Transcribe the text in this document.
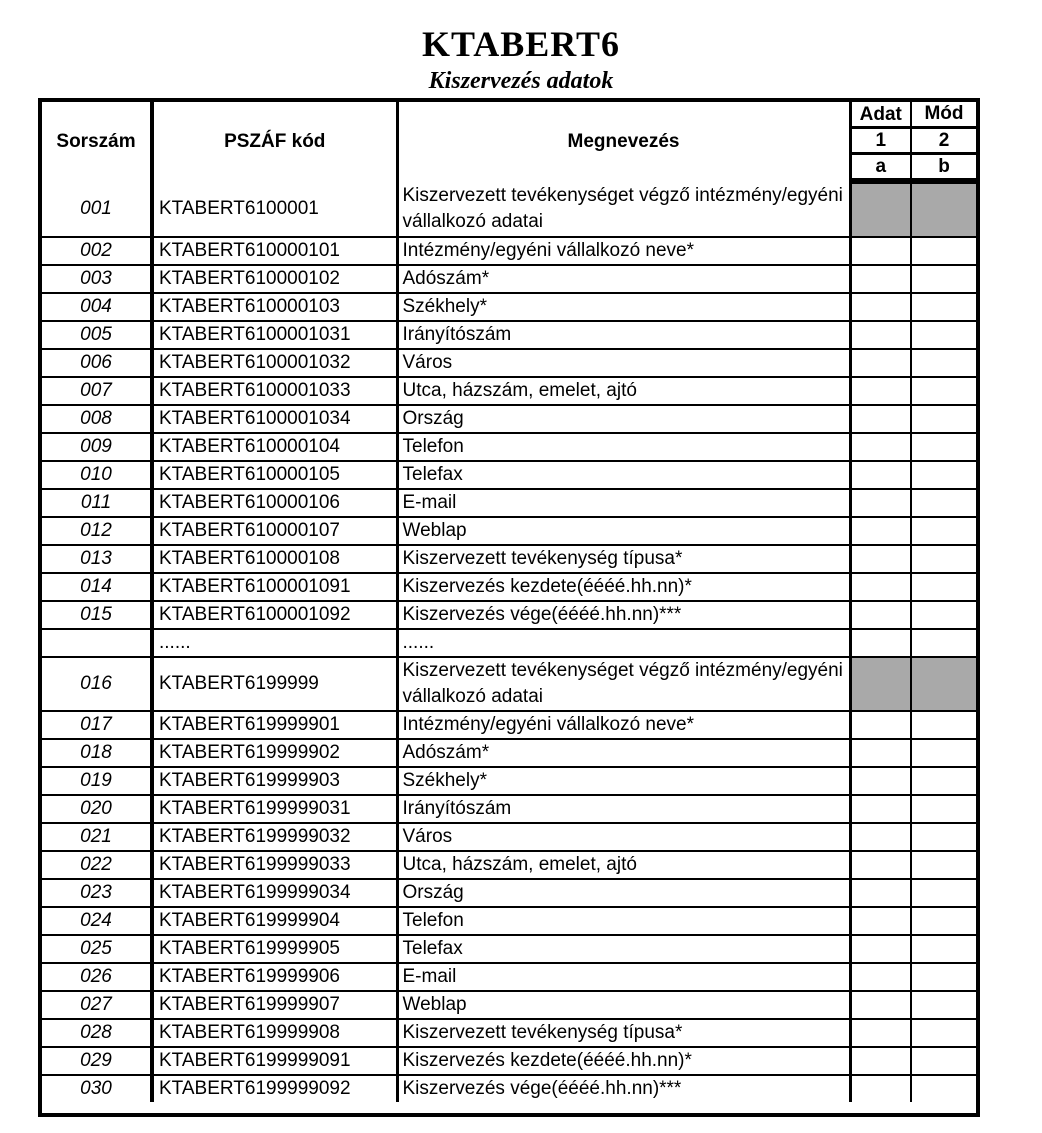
KTABERT6
Kiszervezés adatok
Sorszám	PSZÁF kód	Megnevezés	Adat	Mód
			1	2
			a	b
001	KTABERT6100001	Kiszervezett tevékenységet végző intézmény/egyéni vállalkozó adatai		
002	KTABERT610000101	Intézmény/egyéni vállalkozó neve*		
003	KTABERT610000102	Adószám*		
004	KTABERT610000103	Székhely*		
005	KTABERT6100001031	Irányítószám		
006	KTABERT6100001032	Város		
007	KTABERT6100001033	Utca, házszám, emelet, ajtó		
008	KTABERT6100001034	Ország		
009	KTABERT610000104	Telefon		
010	KTABERT610000105	Telefax		
011	KTABERT610000106	E-mail		
012	KTABERT610000107	Weblap		
013	KTABERT610000108	Kiszervezett tevékenység típusa*		
014	KTABERT6100001091	Kiszervezés kezdete(éééé.hh.nn)*		
015	KTABERT6100001092	Kiszervezés vége(éééé.hh.nn)***		
	......	......		
016	KTABERT6199999	Kiszervezett tevékenységet végző intézmény/egyéni vállalkozó adatai		
017	KTABERT619999901	Intézmény/egyéni vállalkozó neve*		
018	KTABERT619999902	Adószám*		
019	KTABERT619999903	Székhely*		
020	KTABERT6199999031	Irányítószám		
021	KTABERT6199999032	Város		
022	KTABERT6199999033	Utca, házszám, emelet, ajtó		
023	KTABERT6199999034	Ország		
024	KTABERT619999904	Telefon		
025	KTABERT619999905	Telefax		
026	KTABERT619999906	E-mail		
027	KTABERT619999907	Weblap		
028	KTABERT619999908	Kiszervezett tevékenység típusa*		
029	KTABERT6199999091	Kiszervezés kezdete(éééé.hh.nn)*		
030	KTABERT6199999092	Kiszervezés vége(éééé.hh.nn)***		
